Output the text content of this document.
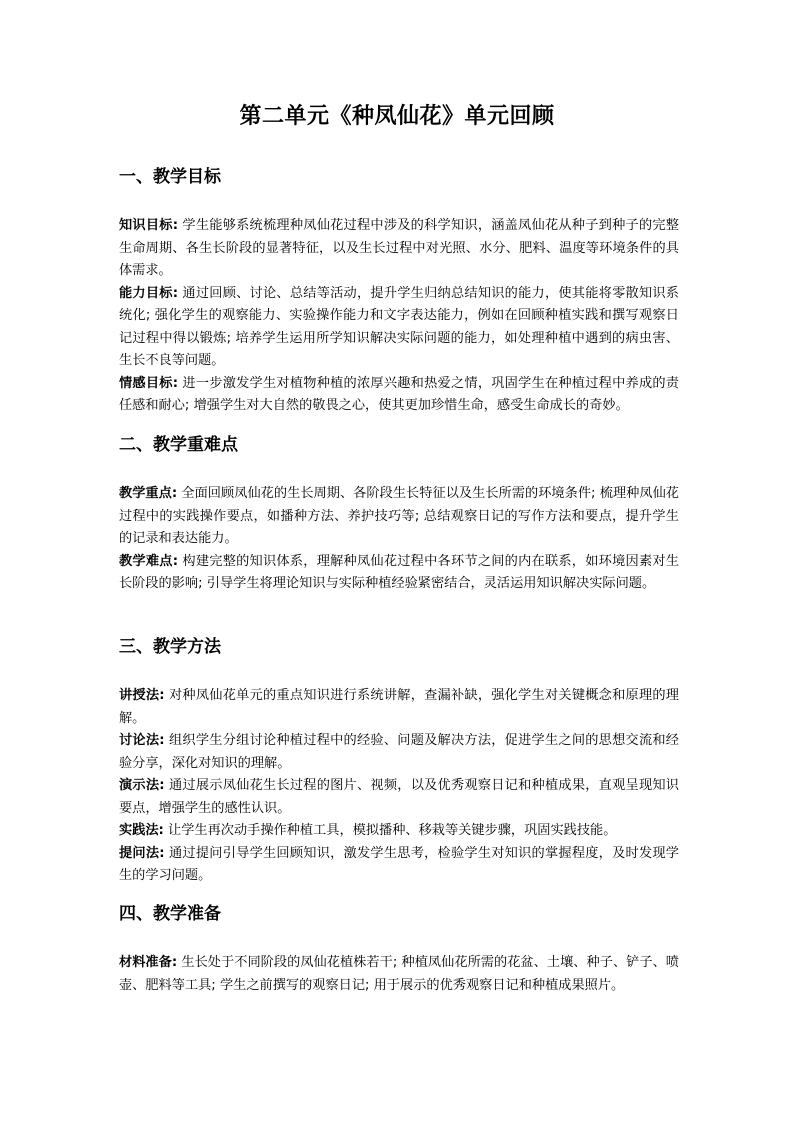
第二单元《种凤仙花》单元回顾
一、教学目标

知识目标: 学生能够系统梳理种凤仙花过程中涉及的科学知识，涵盖凤仙花从种子到种子的完整生命周期、各生长阶段的显著特征，以及生长过程中对光照、水分、肥料、温度等环境条件的具体需求。

能力目标: 通过回顾、讨论、总结等活动，提升学生归纳总结知识的能力，使其能将零散知识系统化; 强化学生的观察能力、实验操作能力和文字表达能力，例如在回顾种植实践和撰写观察日记过程中得以锻炼; 培养学生运用所学知识解决实际问题的能力，如处理种植中遇到的病虫害、生长不良等问题。

情感目标: 进一步激发学生对植物种植的浓厚兴趣和热爱之情，巩固学生在种植过程中养成的责任感和耐心; 增强学生对大自然的敬畏之心，使其更加珍惜生命，感受生命成长的奇妙。

二、教学重难点

教学重点: 全面回顾凤仙花的生长周期、各阶段生长特征以及生长所需的环境条件; 梳理种凤仙花过程中的实践操作要点，如播种方法、养护技巧等; 总结观察日记的写作方法和要点，提升学生的记录和表达能力。

教学难点: 构建完整的知识体系，理解种凤仙花过程中各环节之间的内在联系，如环境因素对生长阶段的影响; 引导学生将理论知识与实际种植经验紧密结合，灵活运用知识解决实际问题。

三、教学方法

讲授法: 对种凤仙花单元的重点知识进行系统讲解，查漏补缺，强化学生对关键概念和原理的理解。

讨论法: 组织学生分组讨论种植过程中的经验、问题及解决方法，促进学生之间的思想交流和经验分享，深化对知识的理解。

演示法: 通过展示凤仙花生长过程的图片、视频，以及优秀观察日记和种植成果，直观呈现知识要点，增强学生的感性认识。

实践法: 让学生再次动手操作种植工具，模拟播种、移栽等关键步骤，巩固实践技能。

提问法: 通过提问引导学生回顾知识，激发学生思考，检验学生对知识的掌握程度，及时发现学生的学习问题。

四、教学准备

材料准备: 生长处于不同阶段的凤仙花植株若干; 种植凤仙花所需的花盆、土壤、种子、铲子、喷壶、肥料等工具; 学生之前撰写的观察日记; 用于展示的优秀观察日记和种植成果照片。
